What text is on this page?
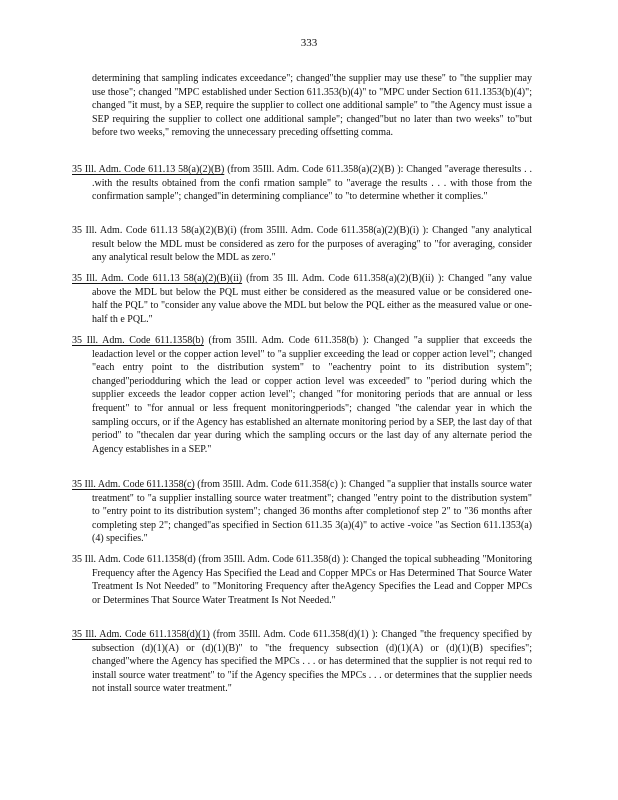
333
determining that sampling indicates exceedance"; changed"the supplier may use these" to "the supplier may use those"; changed "MPC established under Section 611.353(b)(4)" to "MPC under Section 611.1353(b)(4)"; changed "it must, by a SEP, require the supplier to collect one additional sample" to "the Agency must issue a SEP requiring the supplier to collect one additional sample"; changed"but no later than two weeks" to"but before two weeks," removing the unnecessary preceding offsetting comma.
35 Ill. Adm. Code 611.13 58(a)(2)(B) (from 35Ill. Adm. Code 611.358(a)(2)(B) ): Changed "average theresults . . .with the results obtained from the confi rmation sample" to "average the results . . . with those from the confirmation sample"; changed"in determining compliance" to "to determine whether it complies."
35 Ill. Adm. Code 611.13 58(a)(2)(B)(i) (from 35Ill. Adm. Code 611.358(a)(2)(B)(i) ): Changed "any analytical result below the MDL must be considered as zero for the purposes of averaging" to "for averaging, consider any analytical result below the MDL as zero."
35 Ill. Adm. Code 611.13 58(a)(2)(B)(ii) (from 35 Ill. Adm. Code 611.358(a)(2)(B)(ii) ): Changed "any value above the MDL but below the PQL must either be considered as the measured value or be considered one-half the PQL" to "consider any value above the MDL but below the PQL either as the measured value or one- half th e PQL."
35 Ill. Adm. Code 611.1358(b) (from 35Ill. Adm. Code 611.358(b) ): Changed "a supplier that exceeds the leadaction level or the copper action level" to "a supplier exceeding the lead or copper action level"; changed "each entry point to the distribution system" to "eachentry point to its distribution system"; changed"periodduring which the lead or copper action level was exceeded" to "period during which the supplier exceeds the leador copper action level"; changed "for monitoring periods that are annual or less frequent" to "for annual or less frequent monitoringperiods"; changed "the calendar year in which the sampling occurs, or if the Agency has established an alternate monitoring period by a SEP, the last day of that period" to "thecalen dar year during which the sampling occurs or the last day of any alternate period the Agency establishes in a SEP."
35 Ill. Adm. Code 611.1358(c) (from 35Ill. Adm. Code 611.358(c) ): Changed "a supplier that installs source water treatment" to "a supplier installing source water treatment"; changed "entry point to the distribution system" to "entry point to its distribution system"; changed 36 months after completionof step 2" to "36 months after completing step 2"; changed"as specified in Section 611.35 3(a)(4)" to active -voice "as Section 611.1353(a)(4) specifies."
35 Ill. Adm. Code 611.1358(d) (from 35Ill. Adm. Code 611.358(d) ): Changed the topical subheading "Monitoring Frequency after the Agency Has Specified the Lead and Copper MPCs or Has Determined That Source Water Treatment Is Not Needed" to "Monitoring Frequency after theAgency Specifies the Lead and Copper MPCs or Determines That Source Water Treatment Is Not Needed."
35 Ill. Adm. Code 611.1358(d)(1) (from 35Ill. Adm. Code 611.358(d)(1) ): Changed "the frequency specified by subsection (d)(1)(A) or (d)(1)(B)" to "the frequency subsection (d)(1)(A) or (d)(1)(B) specifies"; changed"where the Agency has specified the MPCs . . . or has determined that the supplier is not requi red to install source water treatment" to "if the Agency specifies the MPCs . . . or determines that the supplier needs not install source water treatment."
